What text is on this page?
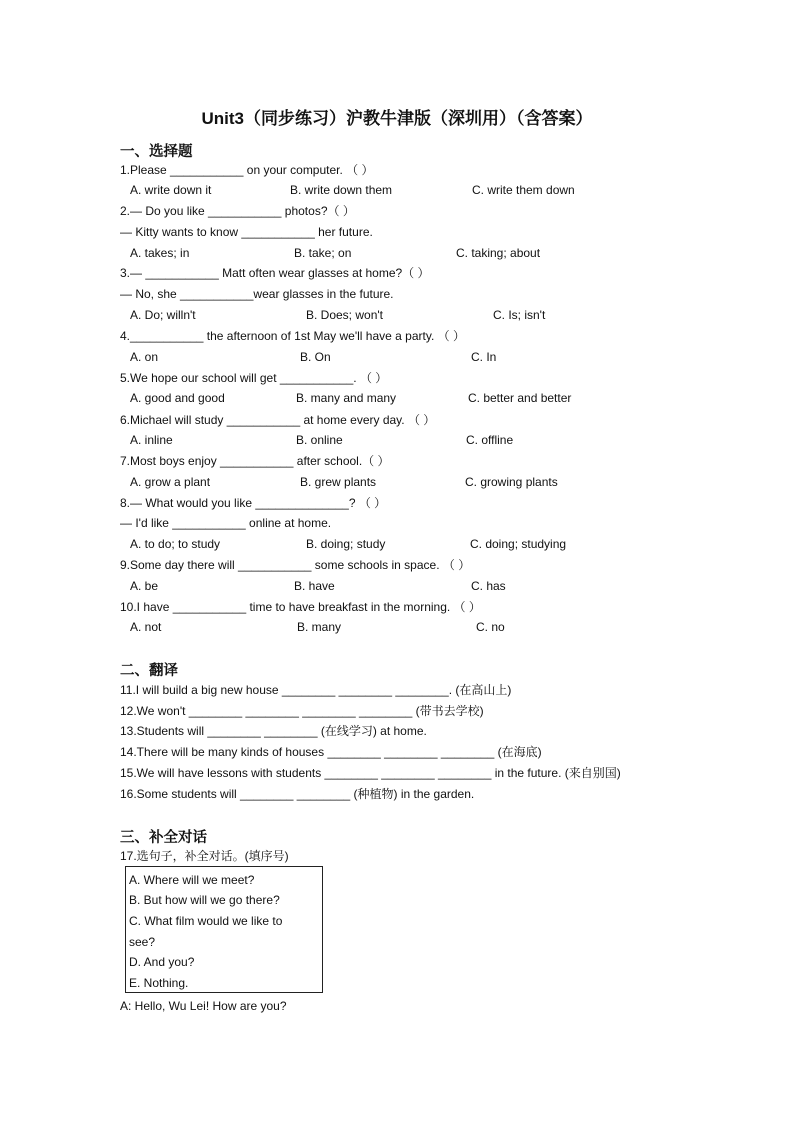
Unit3（同步练习）沪教牛津版（深圳用）（含答案）
一、选择题
1.Please ___________ on your computer. （ ）
A. write down it	B. write down them	C. write them down
2.— Do you like ___________ photos?（ ）
— Kitty wants to know ___________ her future.
A. takes; in	B. take; on	C. taking; about
3.— ___________ Matt often wear glasses at home?（ ）
— No, she ___________wear glasses in the future.
A. Do; willn't	B. Does; won't	C. Is; isn't
4.___________ the afternoon of 1st May we'll have a party. （ ）
A. on	B. On	C. In
5.We hope our school will get ___________. （ ）
A. good and good	B. many and many	C. better and better
6.Michael will study ___________ at home every day. （ ）
A. inline	B. online	C. offline
7.Most boys enjoy ___________ after school.（ ）
A. grow a plant	B. grew plants	C. growing plants
8.— What would you like ______________? （ ）
— I'd like ___________ online at home.
A. to do; to study	B. doing; study	C. doing; studying
9.Some day there will ___________ some schools in space. （ ）
A. be	B. have	C. has
10.I have ___________ time to have breakfast in the morning. （ ）
A. not	B. many	C. no
二、翻译
11.I will build a big new house ________ ________ ________. (在高山上)
12.We won't ________ ________ ________ ________ (带书去学校)
13.Students will ________ ________ (在线学习) at home.
14.There will be many kinds of houses ________ ________ ________ (在海底)
15.We will have lessons with students ________ ________ ________ in the future. (来自别国)
16.Some students will ________ ________ (种植物) in the garden.
三、补全对话
17.选句子，补全对话。(填序号)
A. Where will we meet?
B. But how will we go there?
C. What film would we like to
see?
D. And you?
E. Nothing.
A: Hello, Wu Lei! How are you?
